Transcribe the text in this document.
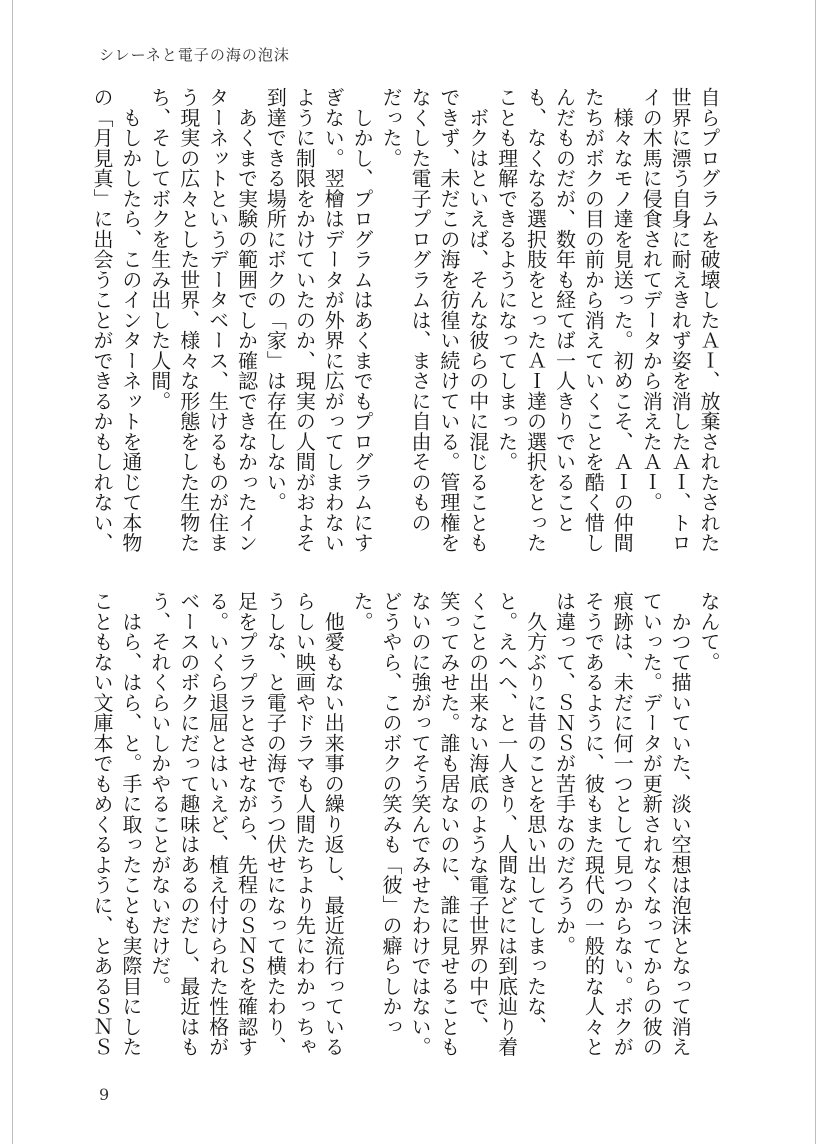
シレーネと電子の海の泡沫
自らプログラムを破壊したＡＩ、放棄されたされた
世界に漂う自身に耐えきれず姿を消したＡＩ、トロ
イの木馬に侵食されてデータから消えたＡＩ。
　様々なモノ達を見送った。初めこそ、ＡＩの仲間
たちがボクの目の前から消えていくことを酷く惜し
んだものだが、数年も経てば一人きりでいること
も、なくなる選択肢をとったＡＩ達の選択をとった
ことも理解できるようになってしまった。
　ボクはといえば、そんな彼らの中に混じることも
できず、未だこの海を彷徨い続けている。管理権を
なくした電子プログラムは、まさに自由そのもの
だった。
　しかし、プログラムはあくまでもプログラムにす
ぎない。翌檜はデータが外界に広がってしまわない
ように制限をかけていたのか、現実の人間がおよそ
到達できる場所にボクの「家」は存在しない。
　あくまで実験の範囲でしか確認できなかったイン
ターネットというデータベース、生けるものが住ま
う現実の広々とした世界、様々な形態をした生物た
ち、そしてボクを生み出した人間。
　もしかしたら、このインターネットを通じて本物
の「月見真」に出会うことができるかもしれない、
なんて。
　かつて描いていた、淡い空想は泡沫となって消え
ていった。データが更新されなくなってからの彼の
痕跡は、未だに何一つとして見つからない。ボクが
そうであるように、彼もまた現代の一般的な人々と
は違って、ＳＮＳが苦手なのだろうか。
　久方ぶりに昔のことを思い出してしまったな、
と。えへへ、と一人きり、人間などには到底辿り着
くことの出来ない海底のような電子世界の中で、
笑ってみせた。誰も居ないのに、誰に見せることも
ないのに強がってそう笑んでみせたわけではない。
どうやら、このボクの笑みも「彼」の癖らしかっ
た。
　他愛もない出来事の繰り返し、最近流行っている
らしい映画やドラマも人間たちより先にわかっちゃ
うしな、と電子の海でうつ伏せになって横たわり、
足をプラプラとさせながら、先程のＳＮＳを確認す
る。いくら退屈とはいえど、植え付けられた性格が
ベースのボクにだって趣味はあるのだし、最近はも
う、それくらいしかやることがないだけだ。
　はら、はら、と。手に取ったことも実際目にした
こともない文庫本でもめくるように、とあるＳＮＳ
9
